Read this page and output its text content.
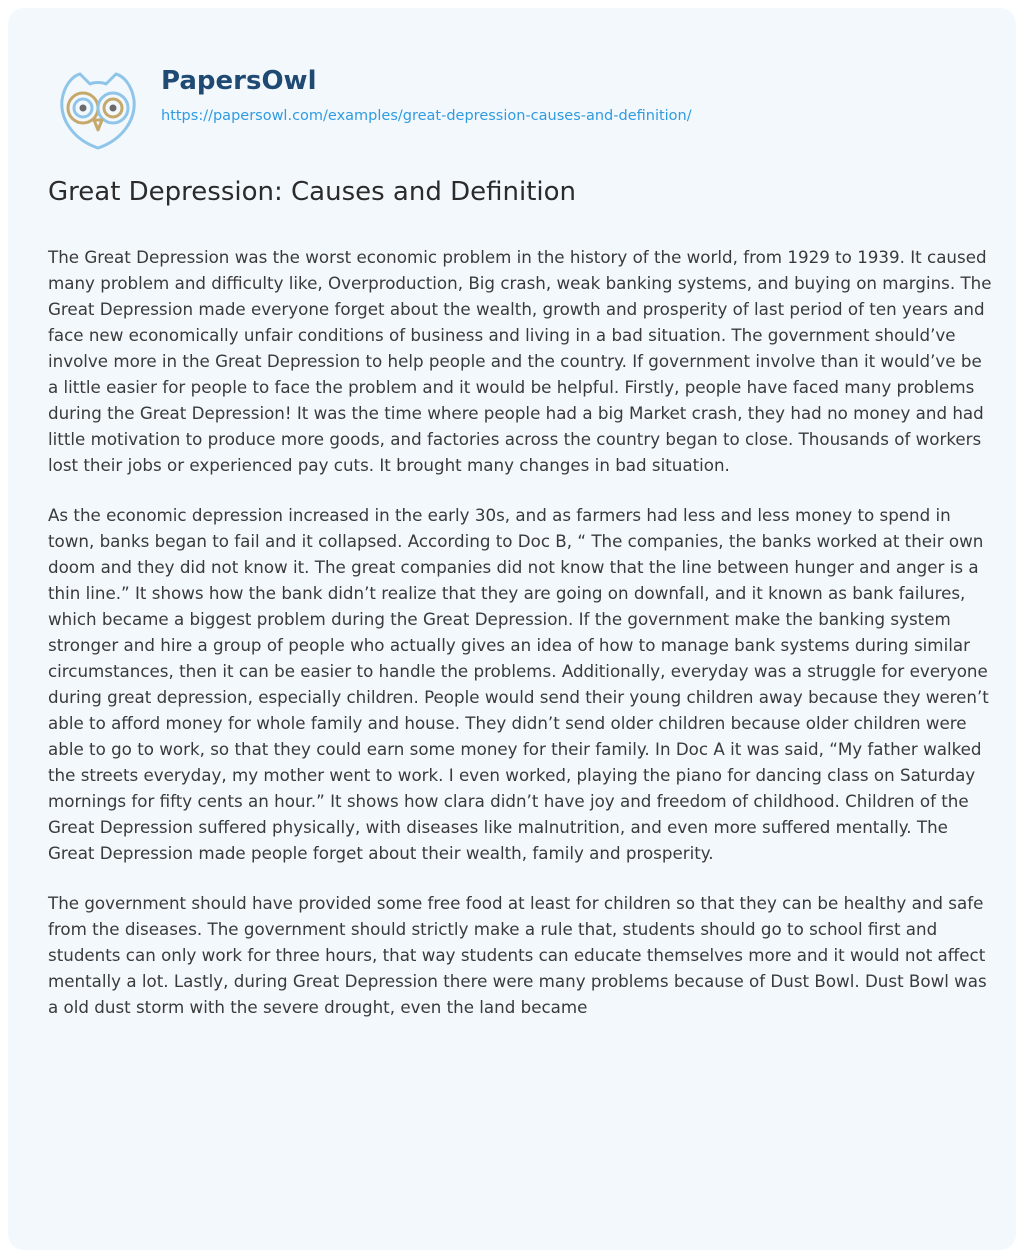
PapersOwl
https://papersowl.com/examples/great-depression-causes-and-definition/
Great Depression: Causes and Definition

The Great Depression was the worst economic problem in the history of the world, from 1929 to 1939. It caused many problem and difficulty like, Overproduction, Big crash, weak banking systems, and buying on margins. The Great Depression made everyone forget about the wealth, growth and prosperity of last period of ten years and face new economically unfair conditions of business and living in a bad situation. The government should’ve involve more in the Great Depression to help people and the country. If government involve than it would’ve be a little easier for people to face the problem and it would be helpful. Firstly, people have faced many problems during the Great Depression! It was the time where people had a big Market crash, they had no money and had little motivation to produce more goods, and factories across the country began to close. Thousands of workers lost their jobs or experienced pay cuts. It brought many changes in bad situation.

As the economic depression increased in the early 30s, and as farmers had less and less money to spend in town, banks began to fail and it collapsed. According to Doc B, “ The companies, the banks worked at their own doom and they did not know it. The great companies did not know that the line between hunger and anger is a thin line.” It shows how the bank didn’t realize that they are going on downfall, and it known as bank failures, which became a biggest problem during the Great Depression. If the government make the banking system stronger and hire a group of people who actually gives an idea of how to manage bank systems during similar circumstances, then it can be easier to handle the problems. Additionally, everyday was a struggle for everyone during great depression, especially children. People would send their young children away because they weren’t able to afford money for whole family and house. They didn’t send older children because older children were able to go to work, so that they could earn some money for their family. In Doc A it was said, “My father walked the streets everyday, my mother went to work. I even worked, playing the piano for dancing class on Saturday mornings for fifty cents an hour.” It shows how clara didn’t have joy and freedom of childhood. Children of the Great Depression suffered physically, with diseases like malnutrition, and even more suffered mentally. The Great Depression made people forget about their wealth, family and prosperity.

The government should have provided some free food at least for children so that they can be healthy and safe from the diseases. The government should strictly make a rule that, students should go to school first and students can only work for three hours, that way students can educate themselves more and it would not affect mentally a lot. Lastly, during Great Depression there were many problems because of Dust Bowl. Dust Bowl was a old dust storm with the severe drought, even the land became
